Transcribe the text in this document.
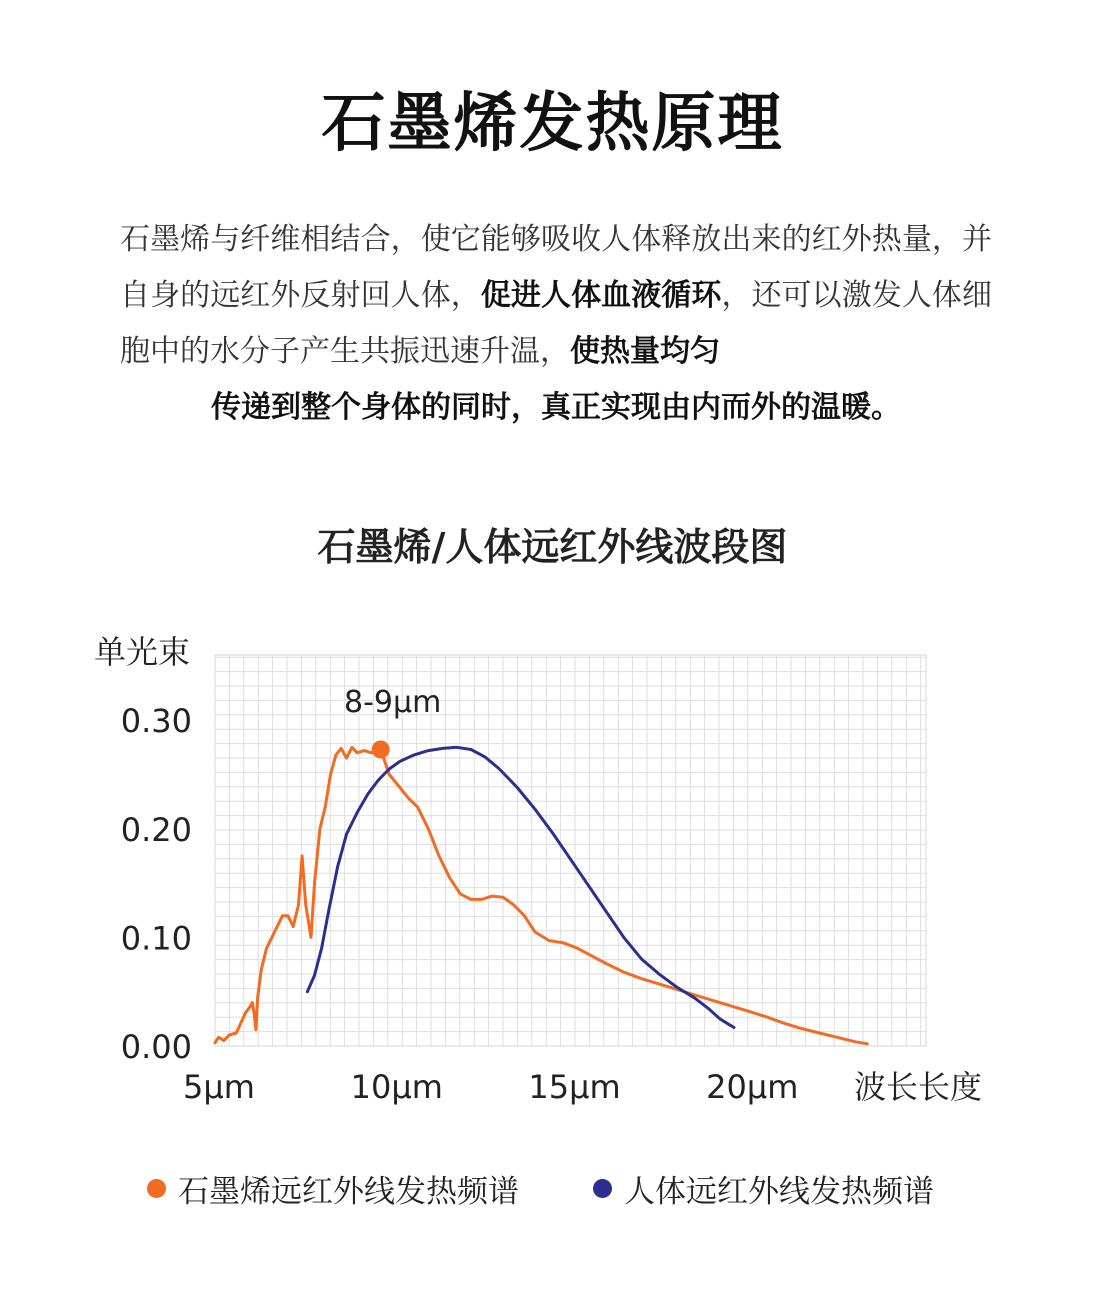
石墨烯发热原理

石墨烯与纤维相结合，使它能够吸收人体释放出来的红外热量，并自身的远红外反射回人体，促进人体血液循环，还可以激发人体细胞中的水分子产生共振迅速升温，使热量均匀
传递到整个身体的同时，真正实现由内而外的温暖。

石墨烯/人体远红外线波段图
0.00
0.10
0.20
0.30
5μm	10μm	15μm	20μm
单光束
波长长度
8-9μm
石墨烯远红外线发热频谱	人体远红外线发热频谱
